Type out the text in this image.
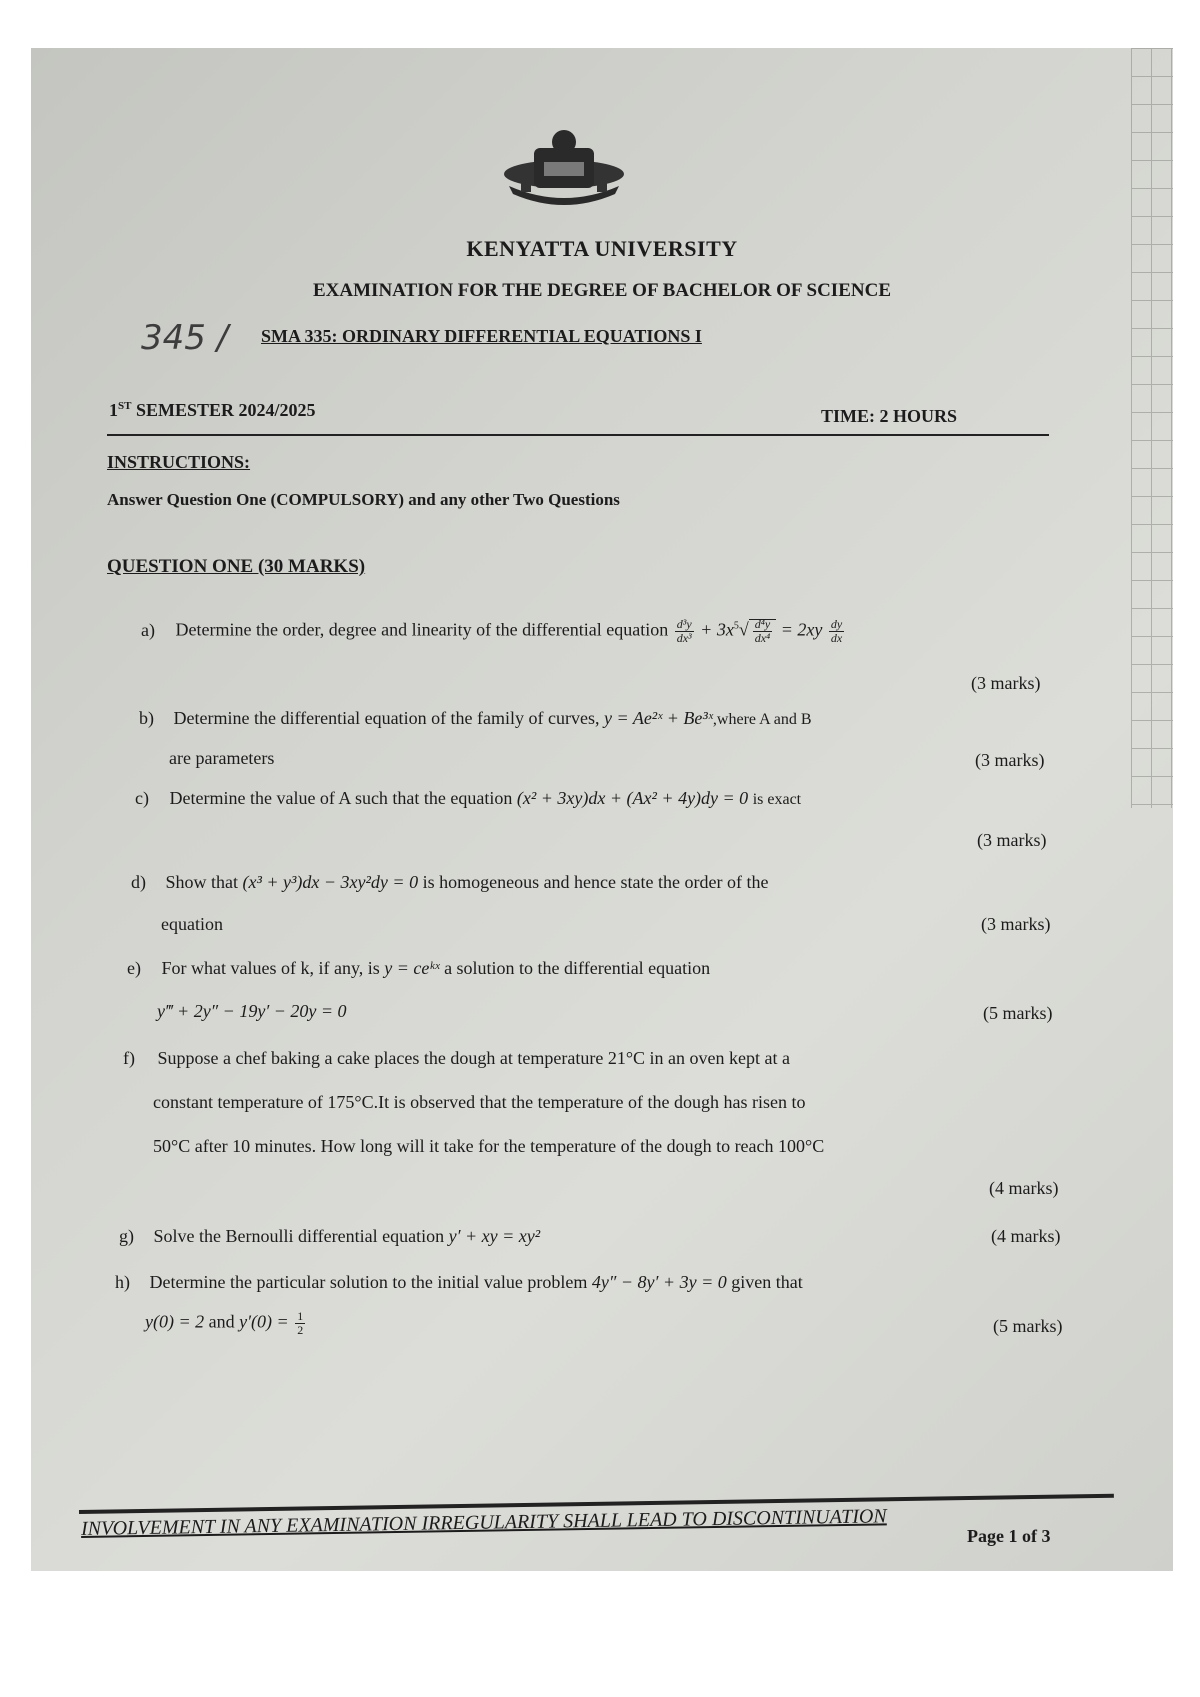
KENYATTA UNIVERSITY
EXAMINATION FOR THE DEGREE OF BACHELOR OF SCIENCE
345 / SMA 335: ORDINARY DIFFERENTIAL EQUATIONS I
1ST SEMESTER 2024/2025	TIME: 2 HOURS
INSTRUCTIONS:
Answer Question One (COMPULSORY) and any other Two Questions
QUESTION ONE (30 MARKS)
a) Determine the order, degree and linearity of the differential equation $\frac{\text{d³y}}{\text{dx³}} + 3x^5√ \frac{\text{d⁴y}}{\text{dx⁴}} = 2xy \frac{dy}{dx}$
(3 marks)
b) Determine the differential equation of the family of curves, y = Ae²ˣ + Be³ˣ,where A and B
are parameters	(3 marks)
c) Determine the value of A such that the equation (x² + 3xy)dx + (Ax² + 4y)dy = 0 is exact
(3 marks)
d) Show that (x³ + y³)dx − 3xy²dy = 0 is homogeneous and hence state the order of the
equation	(3 marks)
e) For what values of k, if any, is y = ceᵏˣ a solution to the differential equation
y‴ + 2y″ − 19y′ − 20y = 0	(5 marks)
f) Suppose a chef baking a cake places the dough at temperature 21°C in an oven kept at a
constant temperature of 175°C.It is observed that the temperature of the dough has risen to
50°C after 10 minutes. How long will it take for the temperature of the dough to reach 100°C
(4 marks)
g) Solve the Bernoulli differential equation y′ + xy = xy²	(4 marks)
h) Determine the particular solution to the initial value problem 4y″ − 8y′ + 3y = 0 given that
y(0) = 2 and $y'(0) = \frac{1}{2}$	(5 marks)
INVOLVEMENT IN ANY EXAMINATION IRREGULARITY SHALL LEAD TO DISCONTINUATION	Page 1 of 3
